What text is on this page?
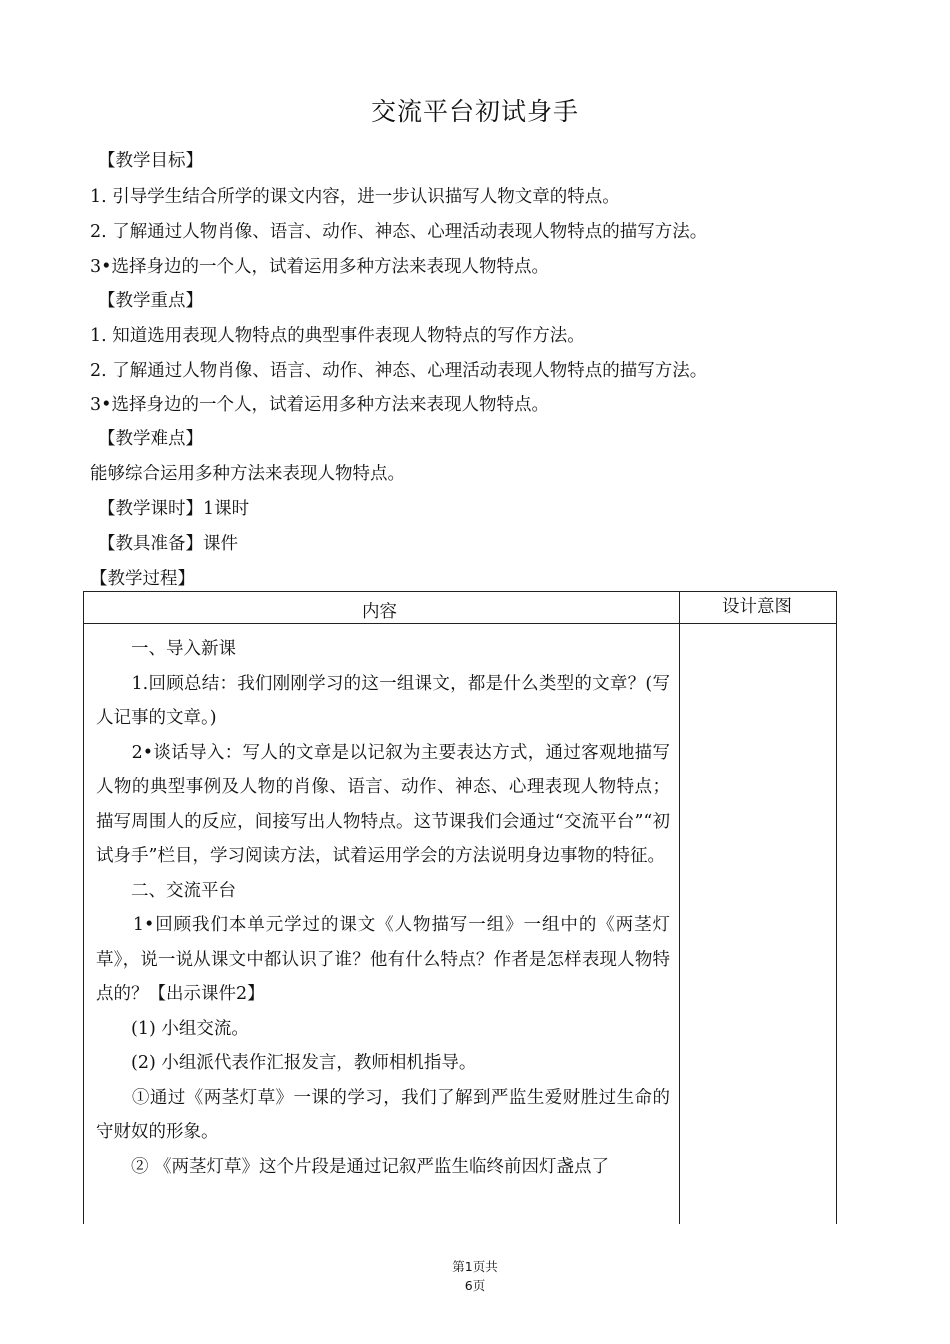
交流平台初试身手
【教学目标】
1. 引导学生结合所学的课文内容，进一步认识描写人物文章的特点。
2. 了解通过人物肖像、语言、动作、神态、心理活动表现人物特点的描写方法。
3•选择身边的一个人，试着运用多种方法来表现人物特点。
【教学重点】
1. 知道选用表现人物特点的典型事件表现人物特点的写作方法。
2. 了解通过人物肖像、语言、动作、神态、心理活动表现人物特点的描写方法。
3•选择身边的一个人，试着运用多种方法来表现人物特点。
【教学难点】
能够综合运用多种方法来表现人物特点。
【教学课时】1课时
【教具准备】课件
【教学过程】
内容	设计意图

　　一、导入新课

　　1.回顾总结：我们刚刚学习的这一组课文，都是什么类型的文章？(写人记事的文章。)

　　2•谈话导入：写人的文章是以记叙为主要表达方式，通过客观地描写人物的典型事例及人物的肖像、语言、动作、神态、心理表现人物特点；描写周围人的反应，间接写出人物特点。这节课我们会通过“交流平台”“初试身手”栏目，学习阅读方法，试着运用学会的方法说明身边事物的特征。

　　二、交流平台

　　1•回顾我们本单元学过的课文《人物描写一组》一组中的《两茎灯草》，说一说从课文中都认识了谁？他有什么特点？作者是怎样表现人物特点的？【出示课件2】

　　(1) 小组交流。

　　(2) 小组派代表作汇报发言，教师相机指导。

　　①通过《两茎灯草》一课的学习，我们了解到严监生爱财胜过生命的守财奴的形象。

　　② 《两茎灯草》这个片段是通过记叙严监生临终前因灯盏点了

第1页共
6页
